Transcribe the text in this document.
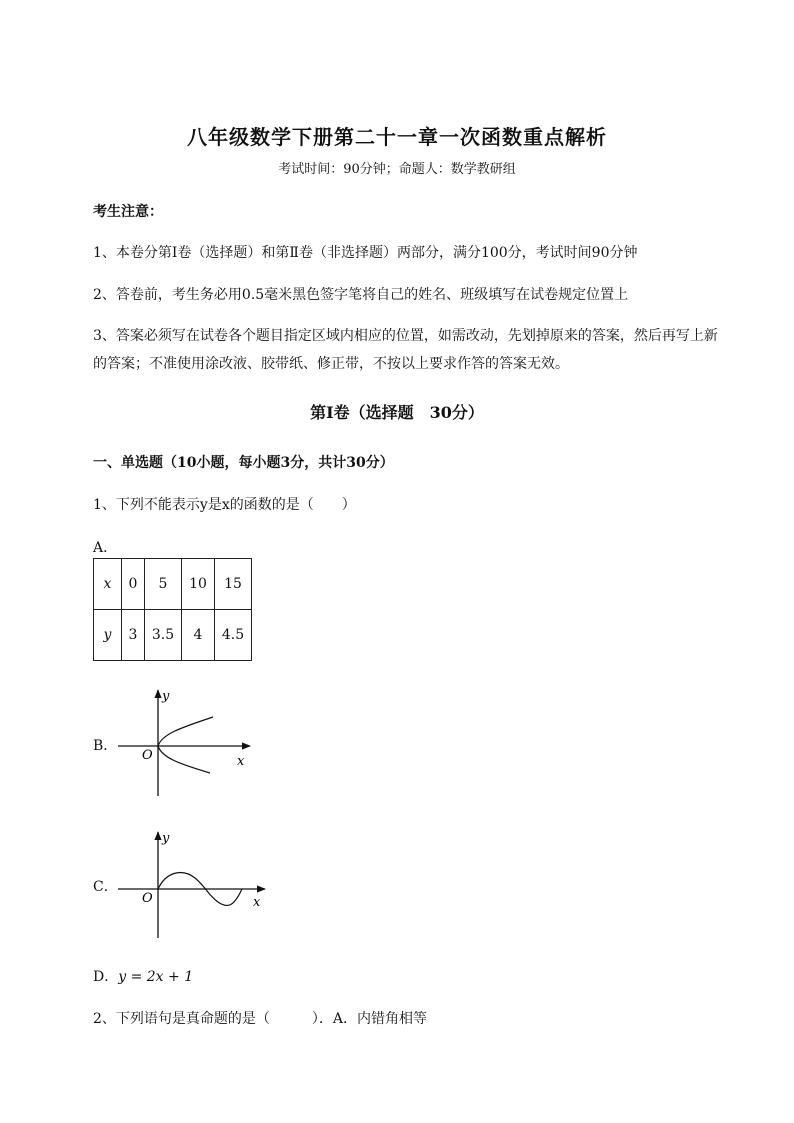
八年级数学下册第二十一章一次函数重点解析
考试时间：90分钟；命题人：数学教研组
考生注意：
1、本卷分第I卷（选择题）和第Ⅱ卷（非选择题）两部分，满分100分，考试时间90分钟
2、答卷前，考生务必用0.5毫米黑色签字笔将自己的姓名、班级填写在试卷规定位置上
3、答案必须写在试卷各个题目指定区域内相应的位置，如需改动，先划掉原来的答案，然后再写上新
的答案；不准使用涂改液、胶带纸、修正带，不按以上要求作答的答案无效。
第I卷（选择题　30分）
一、单选题（10小题，每小题3分，共计30分）
1、下列不能表示y是x的函数的是（　　）
A．
x	0	5	10	15
y	3	3.5	4	4.5
B．
O	x
y
C．
O	x
y
D．y = 2x + 1
2、下列语句是真命题的是（　　　）．A．内错角相等
